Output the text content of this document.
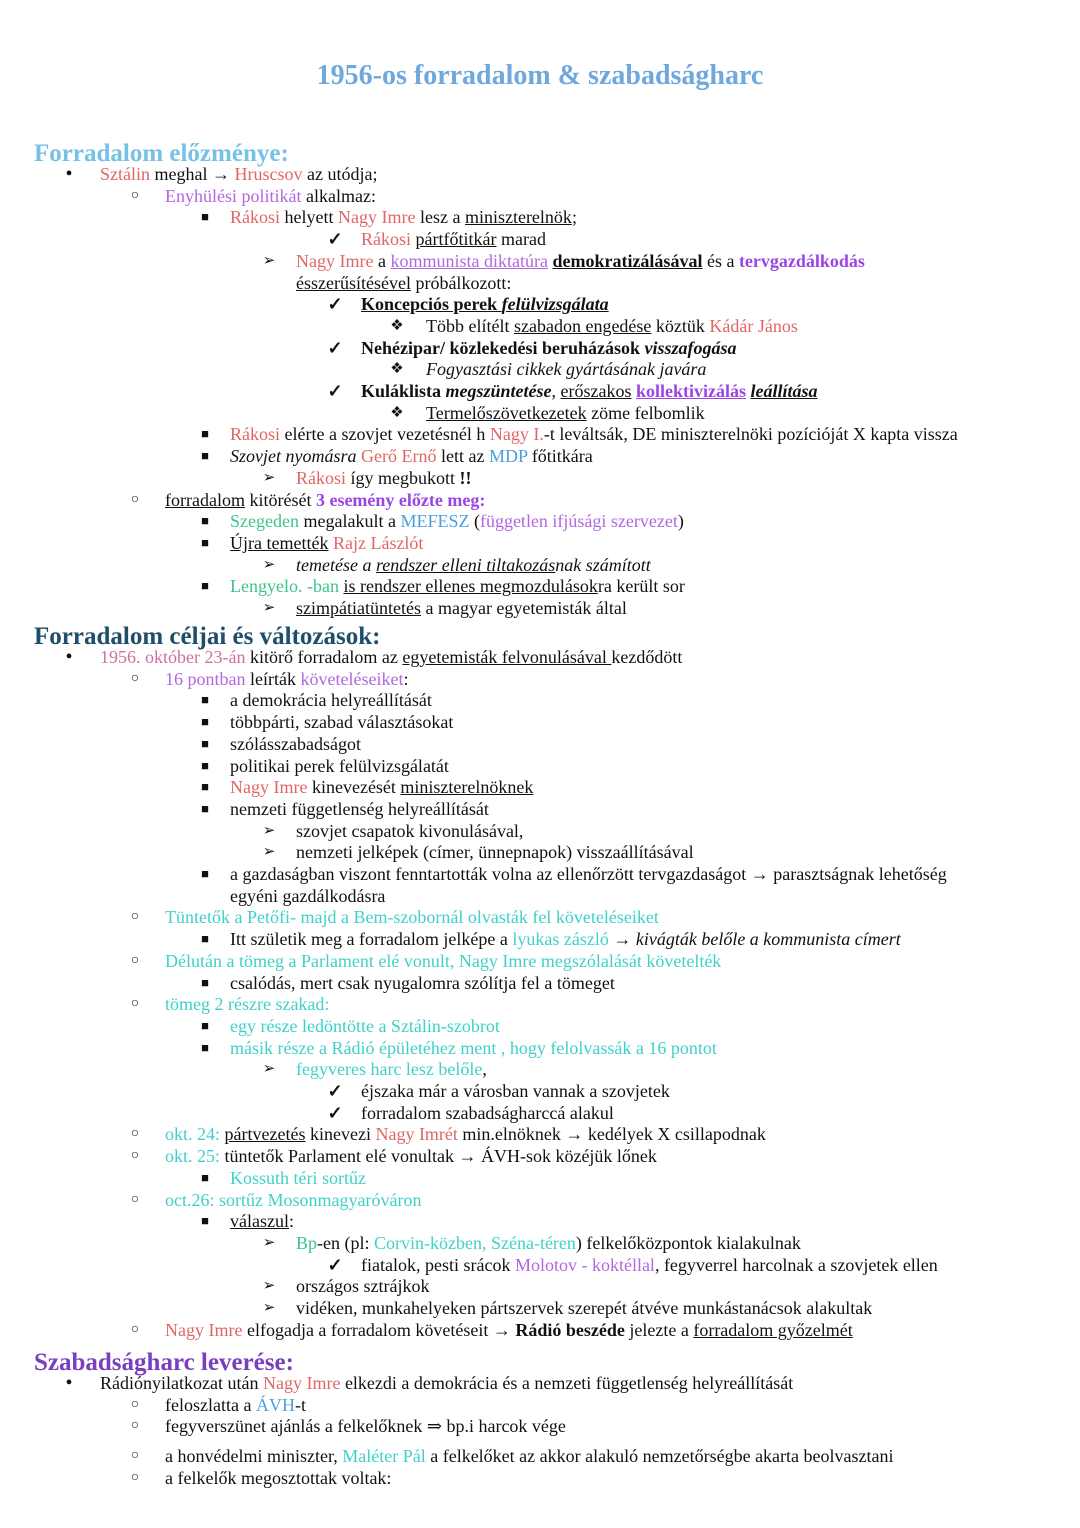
1956-os forradalom & szabadságharc
Forradalom előzménye:
•	Sztálin meghal → Hruscsov az utódja;
○	Enyhülési politikát alkalmaz:
■	Rákosi helyett Nagy Imre lesz a miniszterelnök;
✓ Rákosi pártfőtitkár marad
➢ Nagy Imre a kommunista diktatúra demokratizálásával és a tervgazdálkodás
ésszerűsítésével próbálkozott:
✓ Koncepciós perek felülvizsgálata
❖ Több elítélt szabadon engedése köztük Kádár János
✓ Nehézipar/ közlekedési beruházások visszafogása
❖ Fogyasztási cikkek gyártásának javára
✓ Kuláklista megszüntetése, erőszakos kollektivizálás leállítása
❖ Termelőszövetkezetek zöme felbomlik
■	Rákosi elérte a szovjet vezetésnél h Nagy I.-t leváltsák, DE miniszterelnöki pozícióját X kapta vissza
■	Szovjet nyomásra Gerő Ernő lett az MDP főtitkára
➢ Rákosi így megbukott !!
○	forradalom kitörését 3 esemény előzte meg:
■	Szegeden megalakult a MEFESZ (független ifjúsági szervezet)
■	Újra temették Rajz Lászlót
➢ temetése a rendszer elleni tiltakozásnak számított
■	Lengyelo. -ban is rendszer ellenes megmozdulásokra került sor
➢ szimpátiatüntetés a magyar egyetemisták által
Forradalom céljai és változások:
•	1956. október 23-án kitörő forradalom az egyetemisták felvonulásával kezdődött
○	16 pontban leírták követeléseiket:
■	a demokrácia helyreállítását
■	többpárti, szabad választásokat
■	szólásszabadságot
■	politikai perek felülvizsgálatát
■	Nagy Imre kinevezését miniszterelnöknek
■	nemzeti függetlenség helyreállítását
➢ szovjet csapatok kivonulásával,
➢ nemzeti jelképek (címer, ünnepnapok) visszaállításával
■	a gazdaságban viszont fenntartották volna az ellenőrzött tervgazdaságot → parasztságnak lehetőség
egyéni gazdálkodásra
○	Tüntetők a Petőfi- majd a Bem-szobornál olvasták fel követeléseiket
■	Itt születik meg a forradalom jelképe a lyukas zászló → kivágták belőle a kommunista címert
○	Délután a tömeg a Parlament elé vonult, Nagy Imre megszólalását követelték
■	csalódás, mert csak nyugalomra szólítja fel a tömeget
○	tömeg 2 részre szakad:
■	egy része ledöntötte a Sztálin-szobrot
■	másik része a Rádió épületéhez ment , hogy felolvassák a 16 pontot
➢ fegyveres harc lesz belőle,
✓ éjszaka már a városban vannak a szovjetek
✓ forradalom szabadságharccá alakul
○	okt. 24: pártvezetés kinevezi Nagy Imrét min.elnöknek → kedélyek X csillapodnak
○	okt. 25: tüntetők Parlament elé vonultak → ÁVH-sok közéjük lőnek
■	Kossuth téri sortűz
○	oct.26: sortűz Mosonmagyaróváron
■	válaszul:
➢ Bp-en (pl: Corvin-közben, Széna-téren) felkelőközpontok kialakulnak
✓ fiatalok, pesti srácok Molotov - koktéllal, fegyverrel harcolnak a szovjetek ellen
➢ országos sztrájkok
➢ vidéken, munkahelyeken pártszervek szerepét átvéve munkástanácsok alakultak
○	Nagy Imre elfogadja a forradalom követéseit → Rádió beszéde jelezte a forradalom győzelmét
Szabadságharc leverése:
•	Rádiónyilatkozat után Nagy Imre elkezdi a demokrácia és a nemzeti függetlenség helyreállítását
○	feloszlatta a ÁVH-t
○	fegyverszünet ajánlás a felkelőknek ⇒ bp.i harcok vége
○	a honvédelmi miniszter, Maléter Pál a felkelőket az akkor alakuló nemzetőrségbe akarta beolvasztani
○	a felkelők megosztottak voltak:
